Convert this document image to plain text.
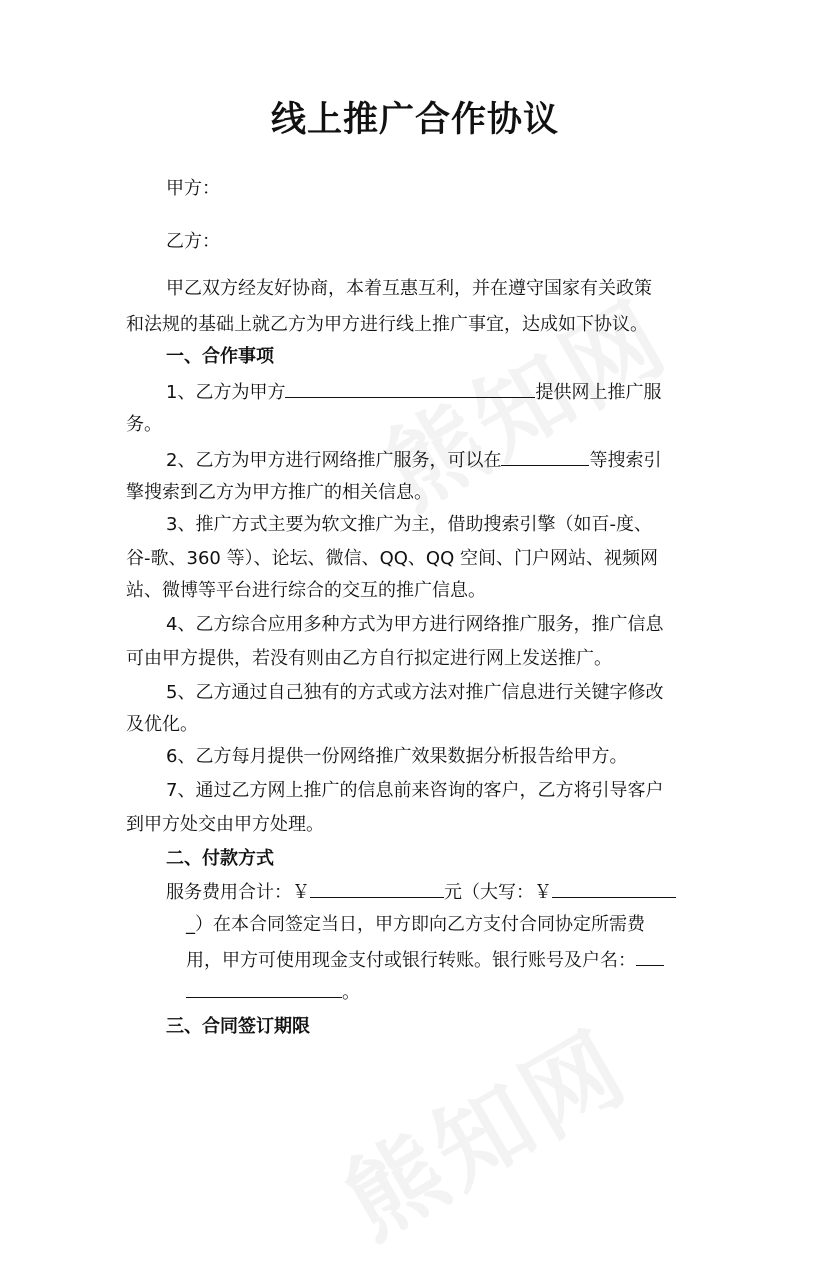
线上推广合作协议
甲方：
乙方：
甲乙双方经友好协商，本着互惠互利，并在遵守国家有关政策
和法规的基础上就乙方为甲方进行线上推广事宜，达成如下协议。
一、合作事项
1、乙方为甲方	提供网上推广服
务。
2、乙方为甲方进行网络推广服务，可以在	等搜索引
擎搜索到乙方为甲方推广的相关信息。
3、推广方式主要为软文推广为主，借助搜索引擎（如百-度、
谷-歌、360 等）、论坛、微信、QQ、QQ 空间、门户网站、视频网
站、微博等平台进行综合的交互的推广信息。
4、乙方综合应用多种方式为甲方进行网络推广服务，推广信息
可由甲方提供，若没有则由乙方自行拟定进行网上发送推广。
5、乙方通过自己独有的方式或方法对推广信息进行关键字修改
及优化。
6、乙方每月提供一份网络推广效果数据分析报告给甲方。
7、通过乙方网上推广的信息前来咨询的客户，乙方将引导客户
到甲方处交由甲方处理。
二、付款方式
服务费用合计：￥	元（大写：￥
_）在本合同签定当日，甲方即向乙方支付合同协定所需费
用，甲方可使用现金支付或银行转账。银行账号及户名：
。
三、合同签订期限
